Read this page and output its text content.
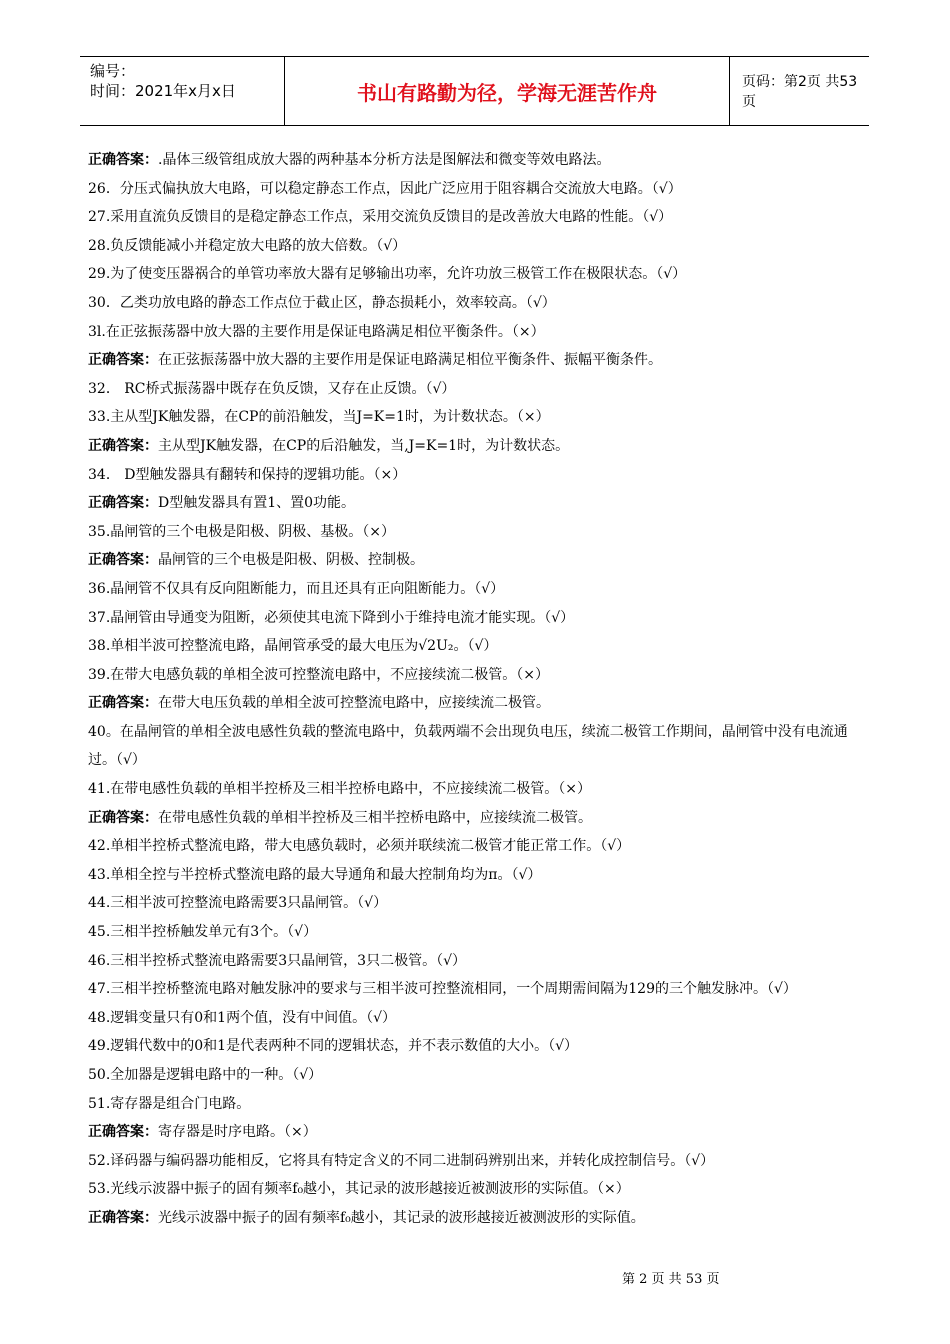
编号：
时间：2021年x月x日	书山有路勤为径，学海无涯苦作舟	页码：第2页 共53页
正确答案：.晶体三级管组成放大器的两种基本分析方法是图解法和微变等效电路法。
26．分压式偏执放大电路，可以稳定静态工作点，因此广泛应用于阻容耦合交流放大电路。（√）
27.采用直流负反馈目的是稳定静态工作点，采用交流负反馈目的是改善放大电路的性能。（√）
28.负反馈能减小并稳定放大电路的放大倍数。（√）
29.为了使变压器祸合的单管功率放大器有足够输出功率，允许功放三极管工作在极限状态。（√）
30．乙类功放电路的静态工作点位于截止区，静态损耗小，效率较高。（√）
3l.在正弦振荡器中放大器的主要作用是保证电路满足相位平衡条件。（×）
正确答案：在正弦振荡器中放大器的主要作用是保证电路满足相位平衡条件、振幅平衡条件。
32． RC桥式振荡器中既存在负反馈，又存在止反馈。（√）
33.主从型JK触发器，在CP的前沿触发，当J=K=1时，为计数状态。（×）
正确答案：主从型JK触发器，在CP的后沿触发，当,J=K=1时，为计数状态。
34． D型触发器具有翻转和保持的逻辑功能。（×）
正确答案：D型触发器具有置1、置0功能。
35.晶闸管的三个电极是阳极、阴极、基极。（×）
正确答案：晶闸管的三个电极是阳极、阴极、控制极。
36.晶闸管不仅具有反向阻断能力，而且还具有正向阻断能力。（√）
37.晶闸管由导通变为阻断，必须使其电流下降到小于维持电流才能实现。（√）
38.单相半波可控整流电路，晶闸管承受的最大电压为√2U₂。（√）
39.在带大电感负载的单相全波可控整流电路中，不应接续流二极管。（×）
正确答案：在带大电压负载的单相全波可控整流电路中，应接续流二极管。
40。在晶闸管的单相全波电感性负载的整流电路中，负载两端不会出现负电压，续流二极管工作期间，晶闸管中没有电流通过。（√）
41.在带电感性负载的单相半控桥及三相半控桥电路中，不应接续流二极管。（×）
正确答案：在带电感性负载的单相半控桥及三相半控桥电路中，应接续流二极管。
42.单相半控桥式整流电路，带大电感负载时，必须并联续流二极管才能正常工作。（√）
43.单相全控与半控桥式整流电路的最大导通角和最大控制角均为π。（√）
44.三相半波可控整流电路需要3只晶闸管。（√）
45.三相半控桥触发单元有3个。（√）
46.三相半控桥式整流电路需要3只晶闸管，3只二极管。（√）
47.三相半控桥整流电路对触发脉冲的要求与三相半波可控整流相同，一个周期需间隔为129的三个触发脉冲。（√）
48.逻辑变量只有0和1两个值，没有中间值。（√）
49.逻辑代数中的0和1是代表两种不同的逻辑状态，并不表示数值的大小。（√）
50.全加器是逻辑电路中的一种。（√）
51.寄存器是组合门电路。
正确答案：寄存器是时序电路。（×）
52.译码器与编码器功能相反，它将具有特定含义的不同二进制码辨别出来，并转化成控制信号。（√）
53.光线示波器中振子的固有频率f₀越小，其记录的波形越接近被测波形的实际值。（×）
正确答案：光线示波器中振子的固有频率f₀越小，其记录的波形越接近被测波形的实际值。
第 2 页 共 53 页
